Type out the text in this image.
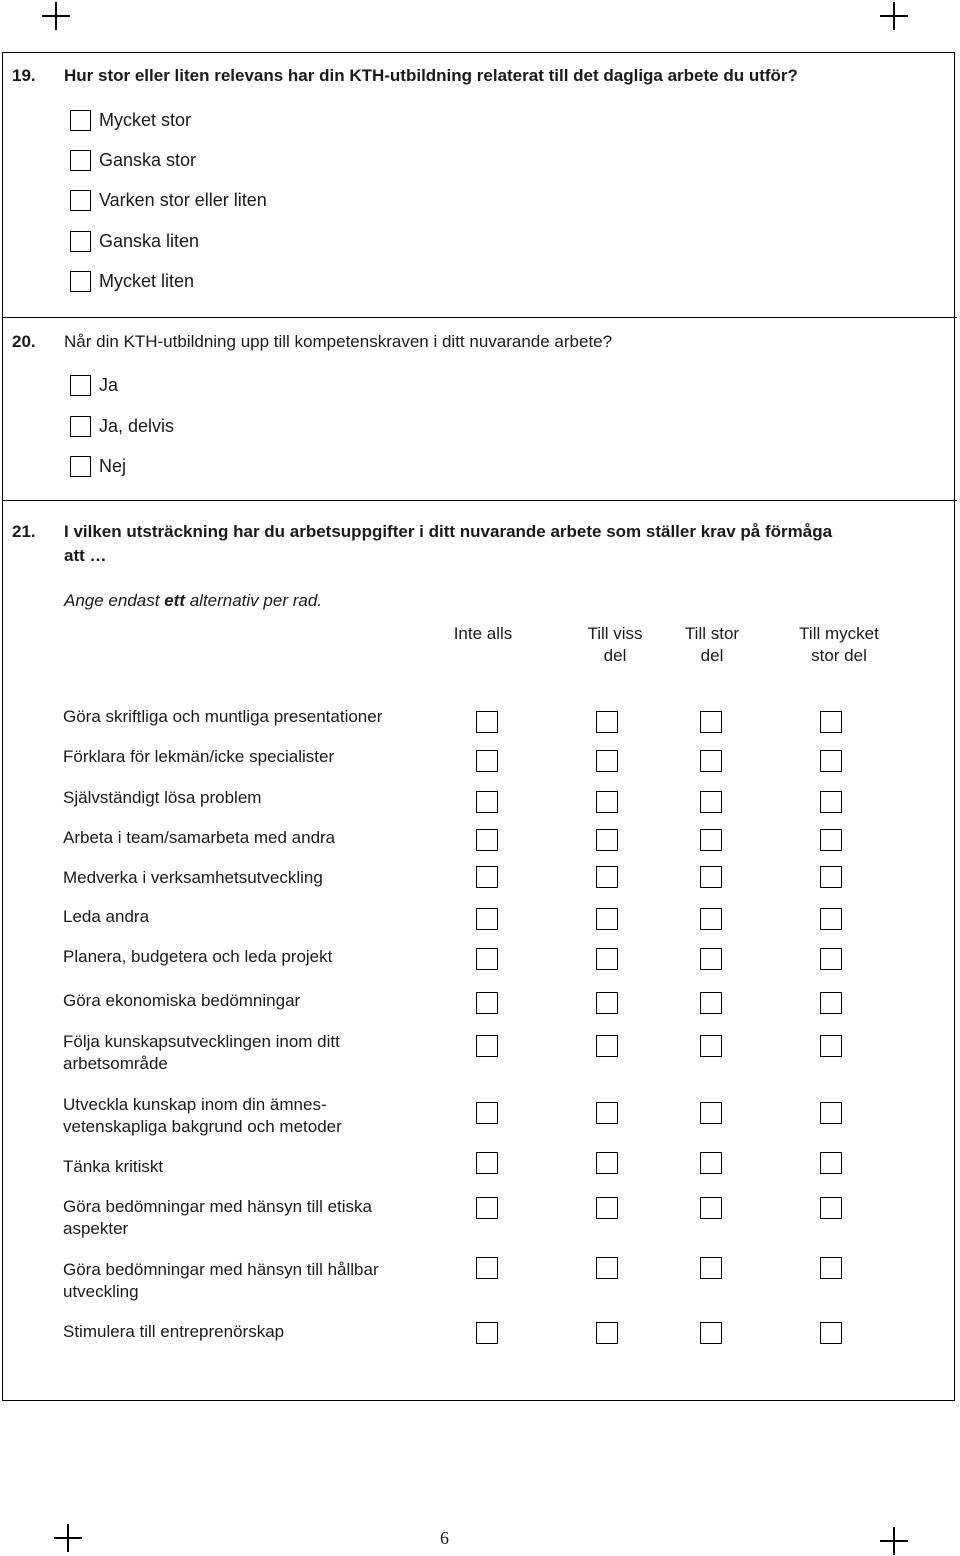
19. Hur stor eller liten relevans har din KTH-utbildning relaterat till det dagliga arbete du utför?
Mycket stor
Ganska stor
Varken stor eller liten
Ganska liten
Mycket liten
20. Når din KTH-utbildning upp till kompetenskraven i ditt nuvarande arbete?
Ja
Ja, delvis
Nej
21. I vilken utsträckning har du arbetsuppgifter i ditt nuvarande arbete som ställer krav på förmåga
att …
Ange endast ett alternativ per rad.
Inte alls	Till viss
del
Till stor
del
Till mycket
stor del
Göra skriftliga och muntliga presentationer
Förklara för lekmän/icke specialister
Självständigt lösa problem
Arbeta i team/samarbeta med andra
Medverka i verksamhetsutveckling
Leda andra
Planera, budgetera och leda projekt
Göra ekonomiska bedömningar
Följa kunskapsutvecklingen inom ditt
arbetsområde
Utveckla kunskap inom din ämnes-
vetenskapliga bakgrund och metoder
Tänka kritiskt
Göra bedömningar med hänsyn till etiska
aspekter
Göra bedömningar med hänsyn till hållbar
utveckling
Stimulera till entreprenörskap
6
